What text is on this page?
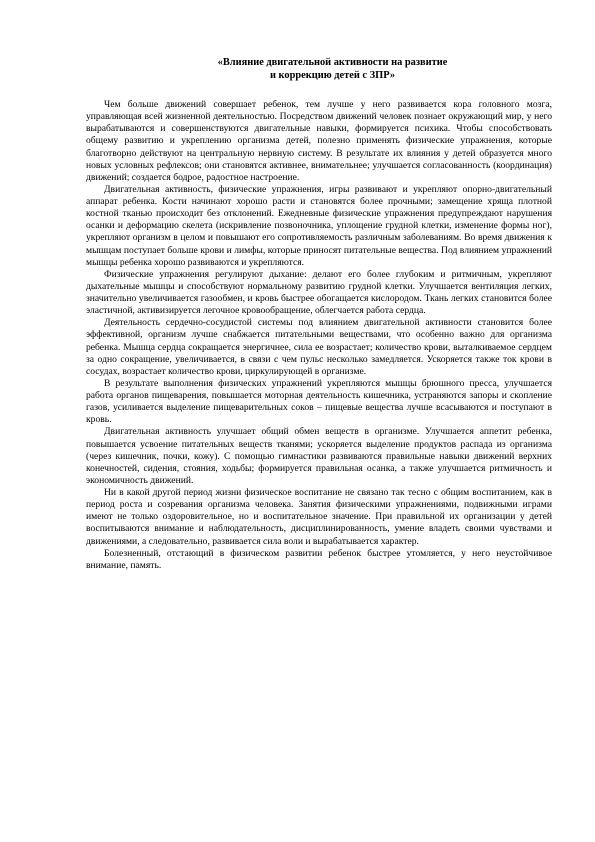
«Влияние двигательной активности на развитие
и коррекцию детей с ЗПР»

Чем больше движений совершает ребенок, тем лучше у него развивается кора головного мозга, управляющая всей жизненной деятельностью. Посредством движений человек познает окружающий мир, у него вырабатываются и совершенствуются двигательные навыки, формируется психика. Чтобы способствовать общему развитию и укреплению организма детей, полезно применять физические упражнения, которые благотворно действуют на центральную нервную систему. В результате их влияния у детей образуется много новых условных рефлексов; они становятся активнее, внимательнее; улучшается согласованность (координация) движений; создается бодрое, радостное настроение.

Двигательная активность, физические упражнения, игры развивают и укрепляют опорно-двигательный аппарат ребенка. Кости начинают хорошо расти и становятся более прочными; замещение хряща плотной костной тканью происходит без отклонений. Ежедневные физические упражнения предупреждают нарушения осанки и деформацию скелета (искривление позвоночника, уплощение грудной клетки, изменение формы ног), укрепляют организм в целом и повышают его сопротивляемость различным заболеваниям. Во время движения к мышцам поступает больше крови и лимфы, которые приносят питательные вещества. Под влиянием упражнений мышцы ребенка хорошо развиваются и укрепляются.

Физические упражнения регулируют дыхание: делают его более глубоким и ритмичным, укрепляют дыхательные мышцы и способствуют нормальному развитию грудной клетки. Улучшается вентиляция легких, значительно увеличивается газообмен, и кровь быстрее обогащается кислородом. Ткань легких становится более эластичной, активизируется легочное кровообращение, облегчается работа сердца.

Деятельность сердечно-сосудистой системы под влиянием двигательной активности становится более эффективной, организм лучше снабжается питательными веществами, что особенно важно для организма ребенка. Мышца сердца сокращается энергичнее, сила ее возрастает; количество крови, выталкиваемое сердцем за одно сокращение, увеличивается, в связи с чем пульс несколько замедляется. Ускоряется также ток крови в сосудах, возрастает количество крови, циркулирующей в организме.

В результате выполнения физических упражнений укрепляются мышцы брюшного пресса, улучшается работа органов пищеварения, повышается моторная деятельность кишечника, устраняются запоры и скопление газов, усиливается выделение пищеварительных соков – пищевые вещества лучше всасываются и поступают в кровь.

Двигательная активность улучшает общий обмен веществ в организме. Улучшается аппетит ребенка, повышается усвоение питательных веществ тканями; ускоряется выделение продуктов распада из организма (через кишечник, почки, кожу). С помощью гимнастики развиваются правильные навыки движений верхних конечностей, сидения, стояния, ходьбы; формируется правильная осанка, а также улучшается ритмичность и экономичность движений.

Ни в какой другой период жизни физическое воспитание не связано так тесно с общим воспитанием, как в период роста и созревания организма человека. Занятия физическими упражнениями, подвижными играми имеют не только оздоровительное, но и воспитательное значение. При правильной их организации у детей воспитываются внимание и наблюдательность, дисциплинированность, умение владеть своими чувствами и движениями, а следовательно, развивается сила воли и вырабатывается характер.

Болезненный, отстающий в физическом развитии ребенок быстрее утомляется, у него неустойчивое внимание, память.
